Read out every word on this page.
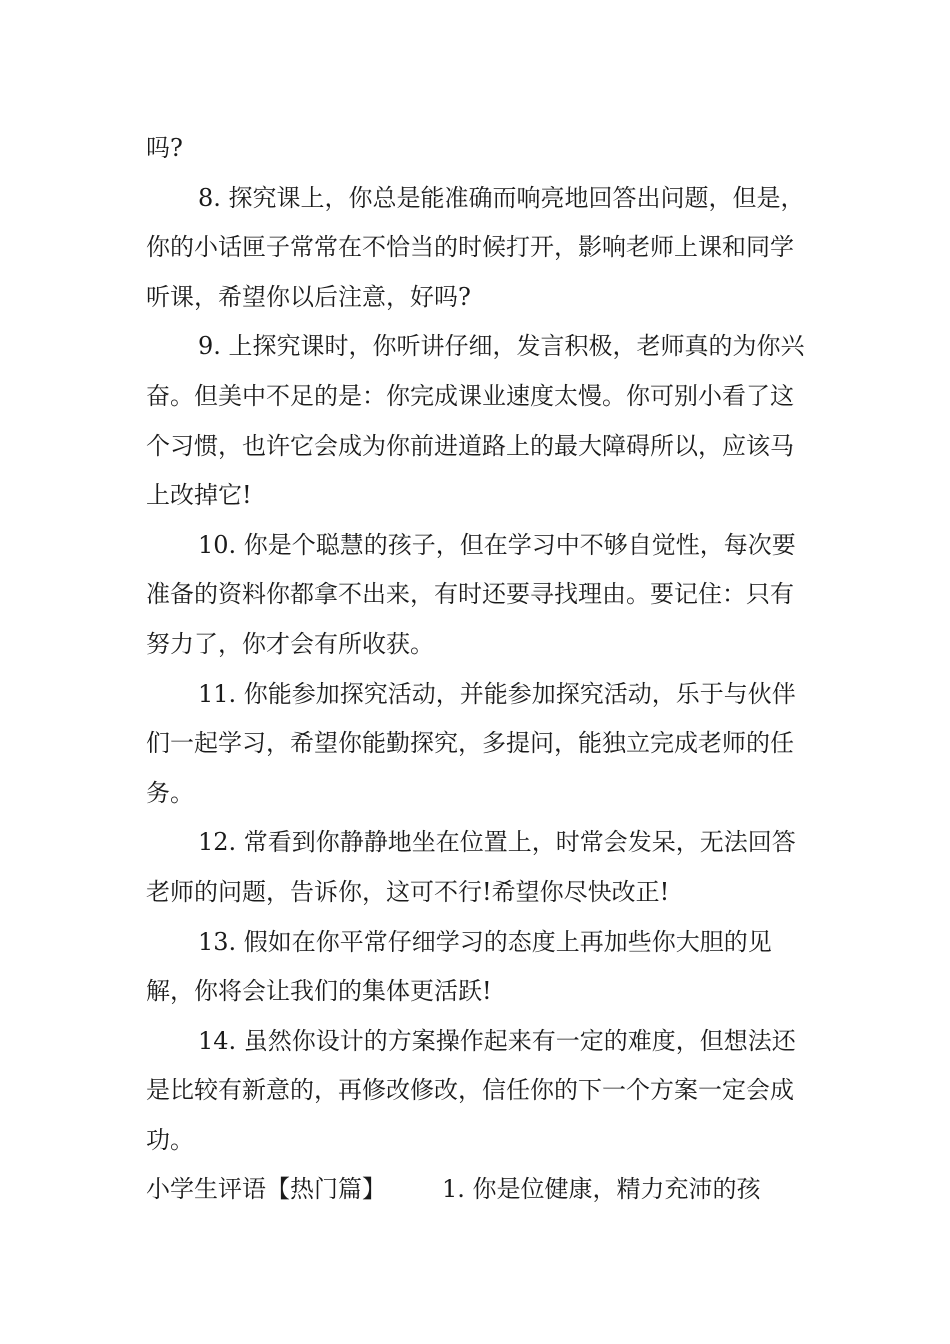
吗?

8. 探究课上，你总是能准确而响亮地回答出问题，但是，你的小话匣子常常在不恰当的时候打开，影响老师上课和同学听课，希望你以后注意，好吗?

9. 上探究课时，你听讲仔细，发言积极，老师真的为你兴奋。但美中不足的是：你完成课业速度太慢。你可别小看了这个习惯，也许它会成为你前进道路上的最大障碍所以，应该马上改掉它!

10. 你是个聪慧的孩子，但在学习中不够自觉性，每次要准备的资料你都拿不出来，有时还要寻找理由。要记住：只有努力了，你才会有所收获。

11. 你能参加探究活动，并能参加探究活动，乐于与伙伴们一起学习，希望你能勤探究，多提问，能独立完成老师的任务。

12. 常看到你静静地坐在位置上，时常会发呆，无法回答老师的问题，告诉你，这可不行!希望你尽快改正!

13. 假如在你平常仔细学习的态度上再加些你大胆的见解，你将会让我们的集体更活跃!

14. 虽然你设计的方案操作起来有一定的难度，但想法还是比较有新意的，再修改修改，信任你的下一个方案一定会成功。

小学生评语【热门篇】 1. 你是位健康，精力充沛的孩
